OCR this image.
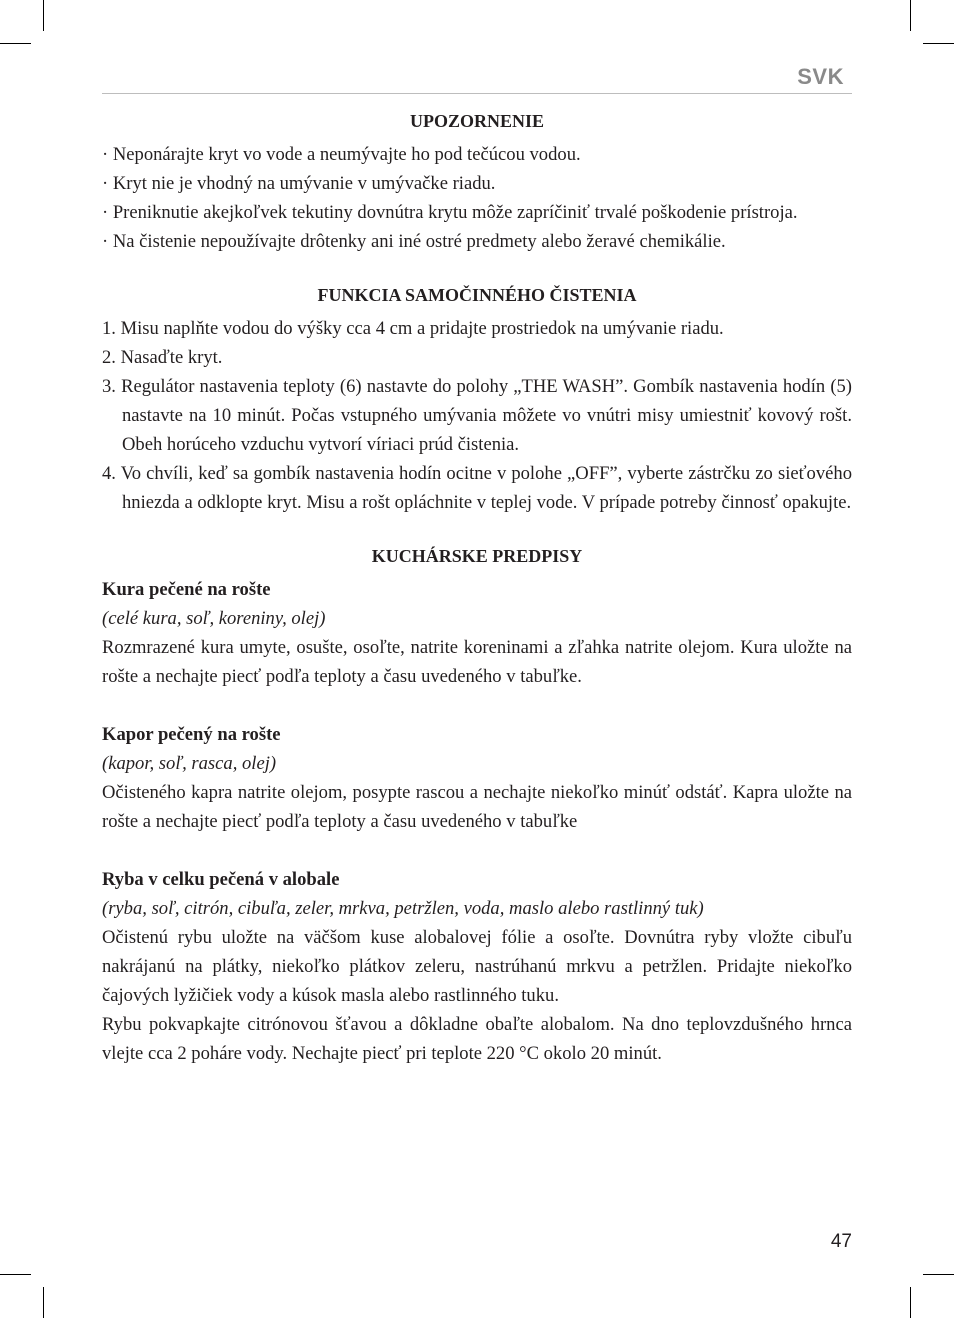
SVK
UPOZORNENIE
· Neponárajte kryt vo vode a neumývajte ho pod tečúcou vodou.
· Kryt nie je vhodný na umývanie v umývačke riadu.
· Preniknutie akejkoľvek tekutiny dovnútra krytu môže zapríčiniť trvalé poškodenie prístroja.
· Na čistenie nepoužívajte drôtenky ani iné ostré predmety alebo žeravé chemikálie.
FUNKCIA SAMOČINNÉHO ČISTENIA
1. Misu naplňte vodou do výšky cca 4 cm a pridajte prostriedok na umývanie riadu.
2. Nasaďte kryt.
3. Regulátor nastavenia teploty (6) nastavte do polohy „THE WASH”. Gombík nastavenia hodín (5) nastavte na 10 minút. Počas vstupného umývania môžete vo vnútri misy umiestniť kovový rošt. Obeh horúceho vzduchu vytvorí víriaci prúd čistenia.
4. Vo chvíli, keď sa gombík nastavenia hodín ocitne v polohe „OFF”, vyberte zástrčku zo sieťového hniezda a odklopte kryt. Misu a rošt opláchnite v teplej vode. V prípade potreby činnosť opakujte.
KUCHÁRSKE PREDPISY

Kura pečené na rošte

(celé kura, soľ, koreniny, olej)

Rozmrazené kura umyte, osušte, osoľte, natrite koreninami a zľahka natrite olejom. Kura uložte na rošte a nechajte piecť podľa teploty a času uvedeného v tabuľke.

Kapor pečený na rošte

(kapor, soľ, rasca, olej)

Očisteného kapra natrite olejom, posypte rascou a nechajte niekoľko minúť odstáť. Kapra uložte na rošte a nechajte piecť podľa teploty a času uvedeného v tabuľke

Ryba v celku pečená v alobale

(ryba, soľ, citrón, cibuľa, zeler, mrkva, petržlen, voda, maslo alebo rastlinný tuk)

Očistenú rybu uložte na väčšom kuse alobalovej fólie a osoľte. Dovnútra ryby vložte cibuľu nakrájanú na plátky, niekoľko plátkov zeleru, nastrúhanú mrkvu a petržlen. Pridajte niekoľko čajových lyžičiek vody a kúsok masla alebo rastlinného tuku.

Rybu pokvapkajte citrónovou šťavou a dôkladne obaľte alobalom. Na dno teplovzdušného hrnca vlejte cca 2 poháre vody. Nechajte piecť pri teplote 220 °C okolo 20 minút.

47
